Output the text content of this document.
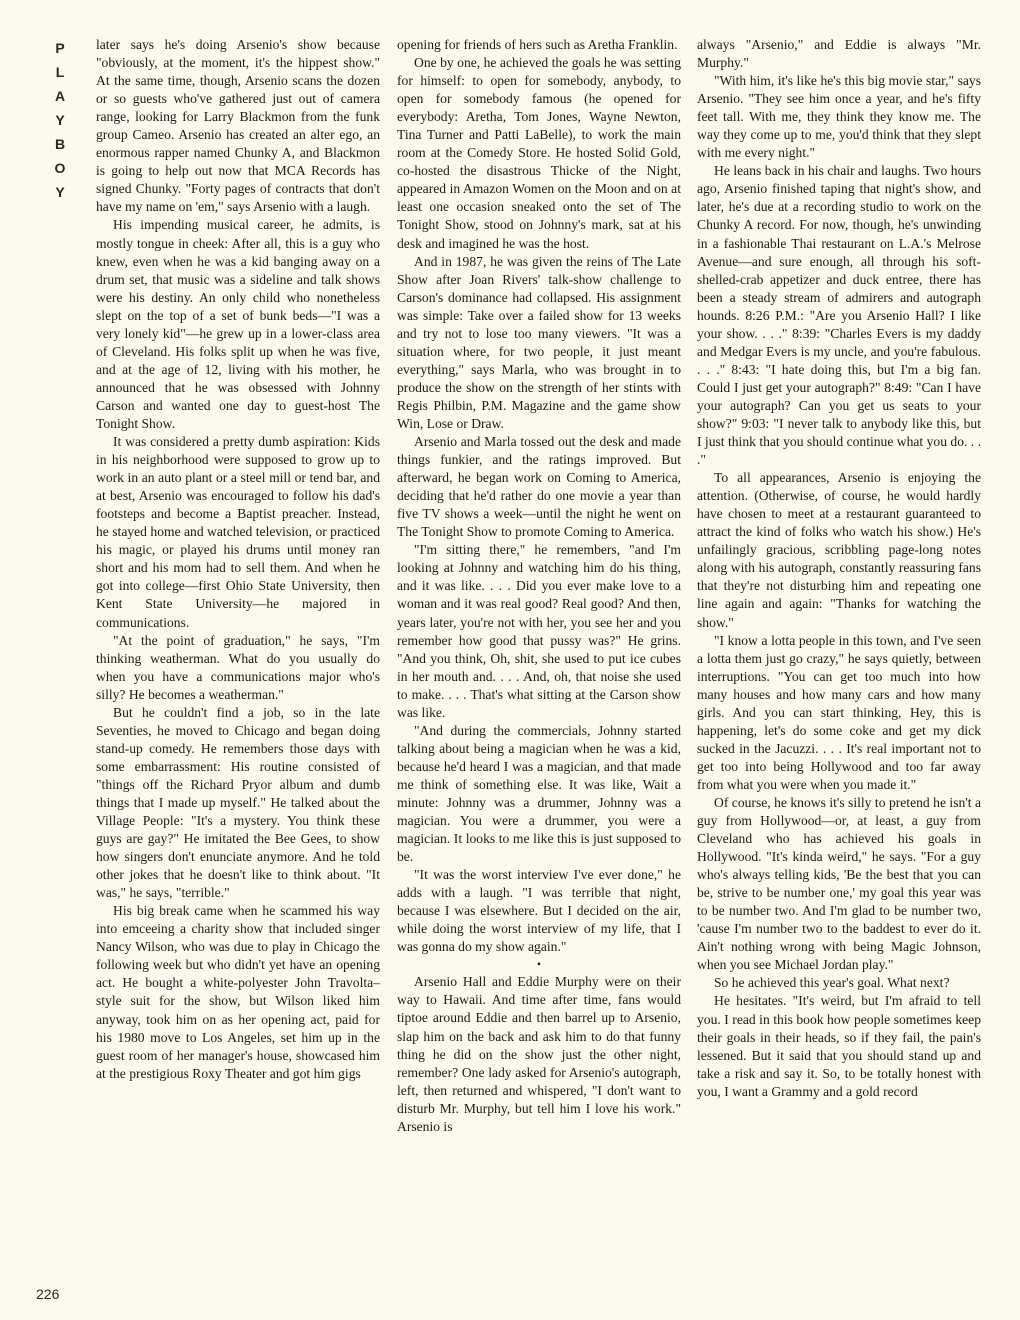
P
L
A
Y
B
O
Y
226

later says he's doing Arsenio's show because "obviously, at the moment, it's the hippest show." At the same time, though, Arsenio scans the dozen or so guests who've gathered just out of camera range, looking for Larry Blackmon from the funk group Cameo. Arsenio has created an alter ego, an enormous rapper named Chunky A, and Blackmon is going to help out now that MCA Records has signed Chunky. "Forty pages of contracts that don't have my name on 'em," says Arsenio with a laugh.

His impending musical career, he admits, is mostly tongue in cheek: After all, this is a guy who knew, even when he was a kid banging away on a drum set, that music was a sideline and talk shows were his destiny. An only child who nonetheless slept on the top of a set of bunk beds—"I was a very lonely kid"—he grew up in a lower-class area of Cleveland. His folks split up when he was five, and at the age of 12, living with his mother, he announced that he was obsessed with Johnny Carson and wanted one day to guest-host The Tonight Show.

It was considered a pretty dumb aspiration: Kids in his neighborhood were supposed to grow up to work in an auto plant or a steel mill or tend bar, and at best, Arsenio was encouraged to follow his dad's footsteps and become a Baptist preacher. Instead, he stayed home and watched television, or practiced his magic, or played his drums until money ran short and his mom had to sell them. And when he got into college—first Ohio State University, then Kent State University—he majored in communications.

"At the point of graduation," he says, "I'm thinking weatherman. What do you usually do when you have a communications major who's silly? He becomes a weatherman."

But he couldn't find a job, so in the late Seventies, he moved to Chicago and began doing stand-up comedy. He remembers those days with some embarrassment: His routine consisted of "things off the Richard Pryor album and dumb things that I made up myself." He talked about the Village People: "It's a mystery. You think these guys are gay?" He imitated the Bee Gees, to show how singers don't enunciate anymore. And he told other jokes that he doesn't like to think about. "It was," he says, "terrible."

His big break came when he scammed his way into emceeing a charity show that included singer Nancy Wilson, who was due to play in Chicago the following week but who didn't yet have an opening act. He bought a white-polyester John Travolta–style suit for the show, but Wilson liked him anyway, took him on as her opening act, paid for his 1980 move to Los Angeles, set him up in the guest room of her manager's house, showcased him at the prestigious Roxy Theater and got him gigs

opening for friends of hers such as Aretha Franklin.

One by one, he achieved the goals he was setting for himself: to open for somebody, anybody, to open for somebody famous (he opened for everybody: Aretha, Tom Jones, Wayne Newton, Tina Turner and Patti LaBelle), to work the main room at the Comedy Store. He hosted Solid Gold, co-hosted the disastrous Thicke of the Night, appeared in Amazon Women on the Moon and on at least one occasion sneaked onto the set of The Tonight Show, stood on Johnny's mark, sat at his desk and imagined he was the host.

And in 1987, he was given the reins of The Late Show after Joan Rivers' talk-show challenge to Carson's dominance had collapsed. His assignment was simple: Take over a failed show for 13 weeks and try not to lose too many viewers. "It was a situation where, for two people, it just meant everything," says Marla, who was brought in to produce the show on the strength of her stints with Regis Philbin, P.M. Magazine and the game show Win, Lose or Draw.

Arsenio and Marla tossed out the desk and made things funkier, and the ratings improved. But afterward, he began work on Coming to America, deciding that he'd rather do one movie a year than five TV shows a week—until the night he went on The Tonight Show to promote Coming to America.

"I'm sitting there," he remembers, "and I'm looking at Johnny and watching him do his thing, and it was like. . . . Did you ever make love to a woman and it was real good? Real good? And then, years later, you're not with her, you see her and you remember how good that pussy was?" He grins. "And you think, Oh, shit, she used to put ice cubes in her mouth and. . . . And, oh, that noise she used to make. . . . That's what sitting at the Carson show was like.

"And during the commercials, Johnny started talking about being a magician when he was a kid, because he'd heard I was a magician, and that made me think of something else. It was like, Wait a minute: Johnny was a drummer, Johnny was a magician. You were a drummer, you were a magician. It looks to me like this is just supposed to be.

"It was the worst interview I've ever done," he adds with a laugh. "I was terrible that night, because I was elsewhere. But I decided on the air, while doing the worst interview of my life, that I was gonna do my show again."

•

Arsenio Hall and Eddie Murphy were on their way to Hawaii. And time after time, fans would tiptoe around Eddie and then barrel up to Arsenio, slap him on the back and ask him to do that funny thing he did on the show just the other night, remember? One lady asked for Arsenio's autograph, left, then returned and whispered, "I don't want to disturb Mr. Murphy, but tell him I love his work." Arsenio is

always "Arsenio," and Eddie is always "Mr. Murphy."

"With him, it's like he's this big movie star," says Arsenio. "They see him once a year, and he's fifty feet tall. With me, they think they know me. The way they come up to me, you'd think that they slept with me every night."

He leans back in his chair and laughs. Two hours ago, Arsenio finished taping that night's show, and later, he's due at a recording studio to work on the Chunky A record. For now, though, he's unwinding in a fashionable Thai restaurant on L.A.'s Melrose Avenue—and sure enough, all through his soft-shelled-crab appetizer and duck entree, there has been a steady stream of admirers and autograph hounds. 8:26 P.M.: "Are you Arsenio Hall? I like your show. . . ." 8:39: "Charles Evers is my daddy and Medgar Evers is my uncle, and you're fabulous. . . ." 8:43: "I hate doing this, but I'm a big fan. Could I just get your autograph?" 8:49: "Can I have your autograph? Can you get us seats to your show?" 9:03: "I never talk to anybody like this, but I just think that you should continue what you do. . . ."

To all appearances, Arsenio is enjoying the attention. (Otherwise, of course, he would hardly have chosen to meet at a restaurant guaranteed to attract the kind of folks who watch his show.) He's unfailingly gracious, scribbling page-long notes along with his autograph, constantly reassuring fans that they're not disturbing him and repeating one line again and again: "Thanks for watching the show."

"I know a lotta people in this town, and I've seen a lotta them just go crazy," he says quietly, between interruptions. "You can get too much into how many houses and how many cars and how many girls. And you can start thinking, Hey, this is happening, let's do some coke and get my dick sucked in the Jacuzzi. . . . It's real important not to get too into being Hollywood and too far away from what you were when you made it."

Of course, he knows it's silly to pretend he isn't a guy from Hollywood—or, at least, a guy from Cleveland who has achieved his goals in Hollywood. "It's kinda weird," he says. "For a guy who's always telling kids, 'Be the best that you can be, strive to be number one,' my goal this year was to be number two. And I'm glad to be number two, 'cause I'm number two to the baddest to ever do it. Ain't nothing wrong with being Magic Johnson, when you see Michael Jordan play."

So he achieved this year's goal. What next?

He hesitates. "It's weird, but I'm afraid to tell you. I read in this book how people sometimes keep their goals in their heads, so if they fail, the pain's lessened. But it said that you should stand up and take a risk and say it. So, to be totally honest with you, I want a Grammy and a gold record
